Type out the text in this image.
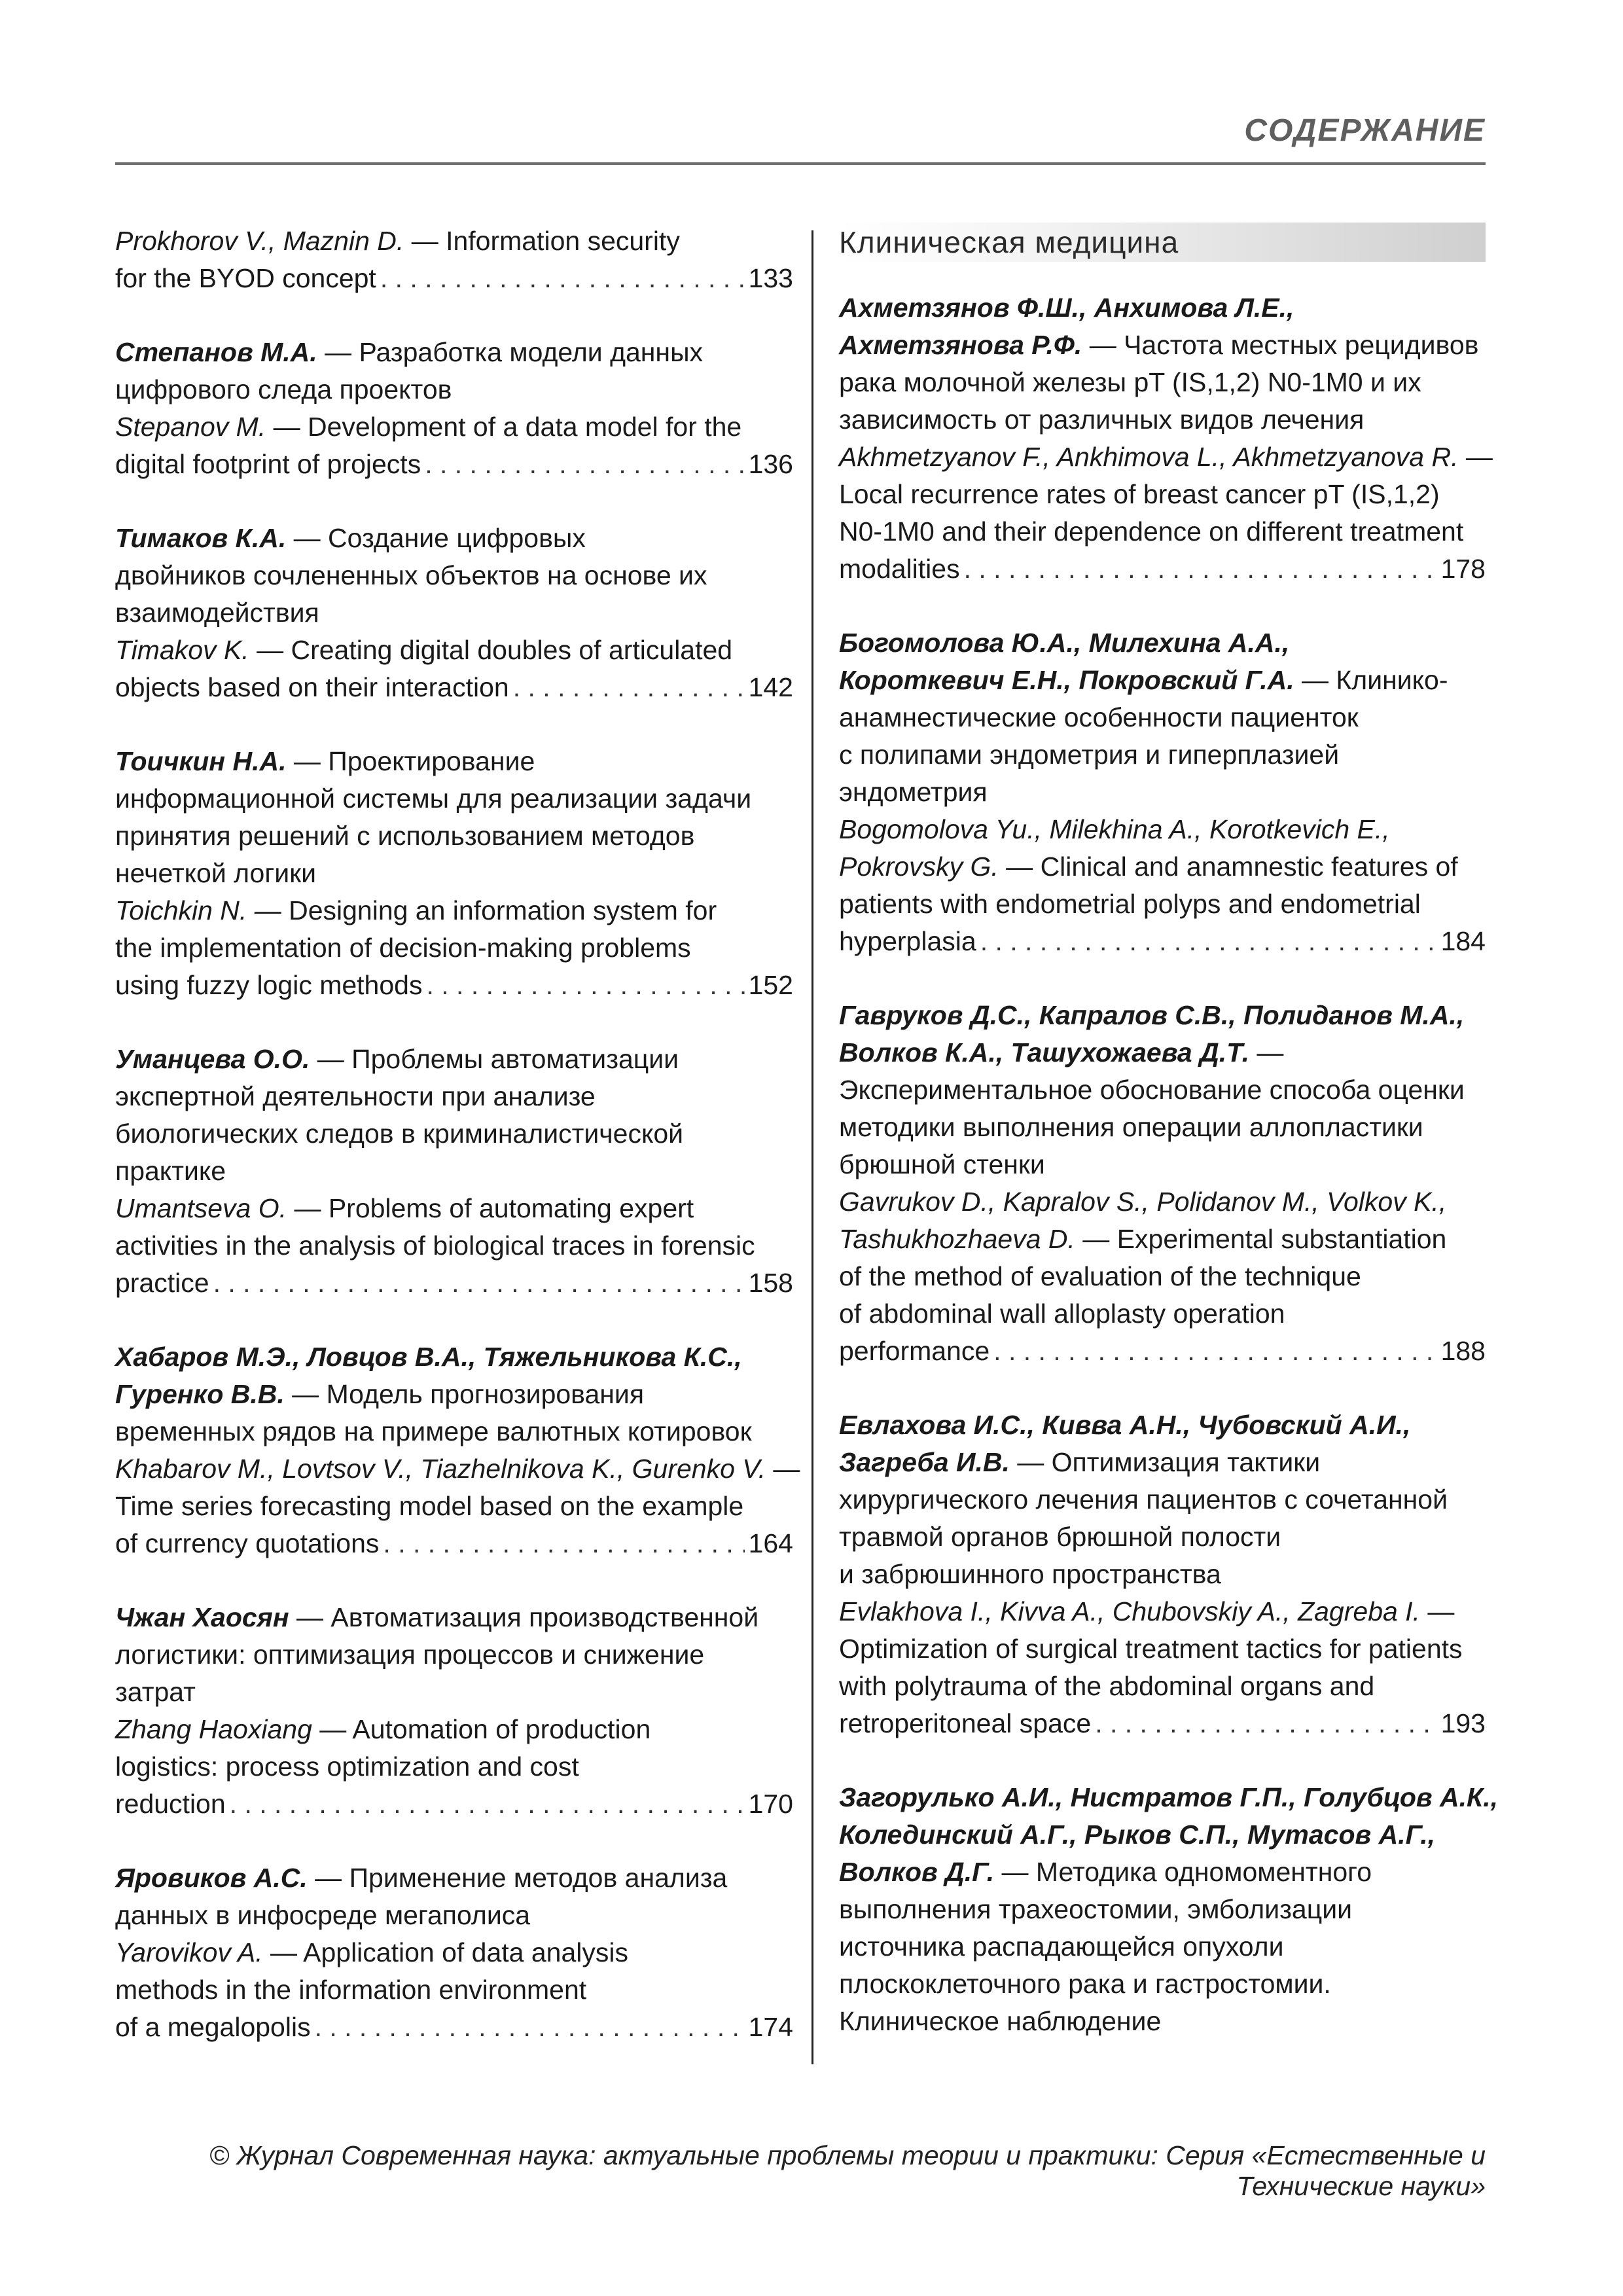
СОДЕРЖАНИЕ
Prokhorov V., Maznin D. — Information security
for the BYOD concept . . .	133
Степанов М.А. — Разработка модели данных
цифрового следа проектов
Stepanov M. — Development of a data model for the
digital footprint of projects . . .	136
Тимаков К.А. — Создание цифровых
двойников сочлененных объектов на основе их
взаимодействия
Timakov K. — Creating digital doubles of articulated
objects based on their interaction . . .	142
Тоичкин Н.А. — Проектирование
информационной системы для реализации задачи
принятия решений с использованием методов
нечеткой логики
Toichkin N. — Designing an information system for
the implementation of decision-making problems
using fuzzy logic methods . . .	152
Уманцева О.О. — Проблемы автоматизации
экспертной деятельности при анализе
биологических следов в криминалистической
практике
Umantseva O. — Problems of automating expert
activities in the analysis of biological traces in forensic
practice . . .	158
Хабаров М.Э., Ловцов В.А., Тяжельникова К.С.,
Гуренко В.В. — Модель прогнозирования
временных рядов на примере валютных котировок
Khabarov M., Lovtsov V., Tiazhelnikova K., Gurenko V. —
Time series forecasting model based on the example
of currency quotations . . .	164
Чжан Хаосян — Автоматизация производственной
логистики: оптимизация процессов и снижение
затрат
Zhang Haoxiang — Automation of production
logistics: process optimization and cost
reduction . . .	170
Яровиков А.С. — Применение методов анализа
данных в инфосреде мегаполиса
Yarovikov A. — Application of data analysis
methods in the information environment
of a megalopolis . . .	174
Клиническая медицина
Ахметзянов Ф.Ш., Анхимова Л.Е.,
Ахметзянова Р.Ф. — Частота местных рецидивов
рака молочной железы pT (IS,1,2) N0-1M0 и их
зависимость от различных видов лечения
Akhmetzyanov F., Ankhimova L., Akhmetzyanova R. —
Local recurrence rates of breast cancer pT (IS,1,2)
N0-1M0 and their dependence on different treatment
modalities . . .	178
Богомолова Ю.А., Милехина А.А.,
Короткевич Е.Н., Покровский Г.А. — Клинико-
анамнестические особенности пациенток
с полипами эндометрия и гиперплазией
эндометрия
Bogomolova Yu., Milekhina A., Korotkevich E.,
Pokrovsky G. — Clinical and anamnestic features of
patients with endometrial polyps and endometrial
hyperplasia . . .	184
Гавруков Д.С., Капралов С.В., Полиданов М.А.,
Волков К.А., Ташухожаева Д.Т. —
Экспериментальное обоснование способа оценки
методики выполнения операции аллопластики
брюшной стенки
Gavrukov D., Kapralov S., Polidanov M., Volkov K.,
Tashukhozhaeva D. — Experimental substantiation
of the method of evaluation of the technique
of abdominal wall alloplasty operation
performance . . .	188
Евлахова И.С., Кивва А.Н., Чубовский А.И.,
Загреба И.В. — Оптимизация тактики
хирургического лечения пациентов с сочетанной
травмой органов брюшной полости
и забрюшинного пространства
Evlakhova I., Kivva A., Chubovskiy A., Zagreba I. —
Optimization of surgical treatment tactics for patients
with polytrauma of the abdominal organs and
retroperitoneal space . . .	193
Загорулько А.И., Нистратов Г.П., Голубцов А.К.,
Колединский А.Г., Рыков С.П., Мутасов А.Г.,
Волков Д.Г. — Методика одномоментного
выполнения трахеостомии, эмболизации
источника распадающейся опухоли
плоскоклеточного рака и гастростомии.
Клиническое наблюдение
© Журнал Современная наука: актуальные проблемы теории и практики: Серия «Естественные и Технические науки»
